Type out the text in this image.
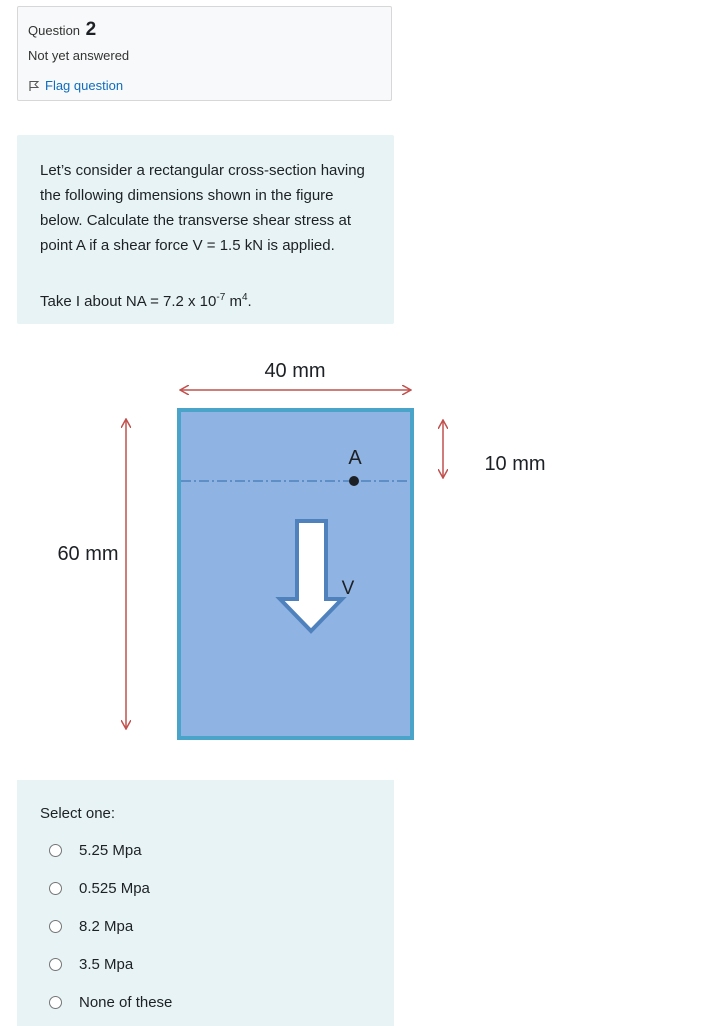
Question 2
Not yet answered
Flag question
Let’s consider a rectangular cross-section having the following dimensions shown in the figure below. Calculate the transverse shear stress at point A if a shear force V = 1.5 kN is applied.
Take I about NA = 7.2 x $10^{-7}$ $m^4$.
40 mm
A
V
60 mm
10 mm
Select one:
5.25 Mpa
0.525 Mpa
8.2 Mpa
3.5 Mpa
None of these
